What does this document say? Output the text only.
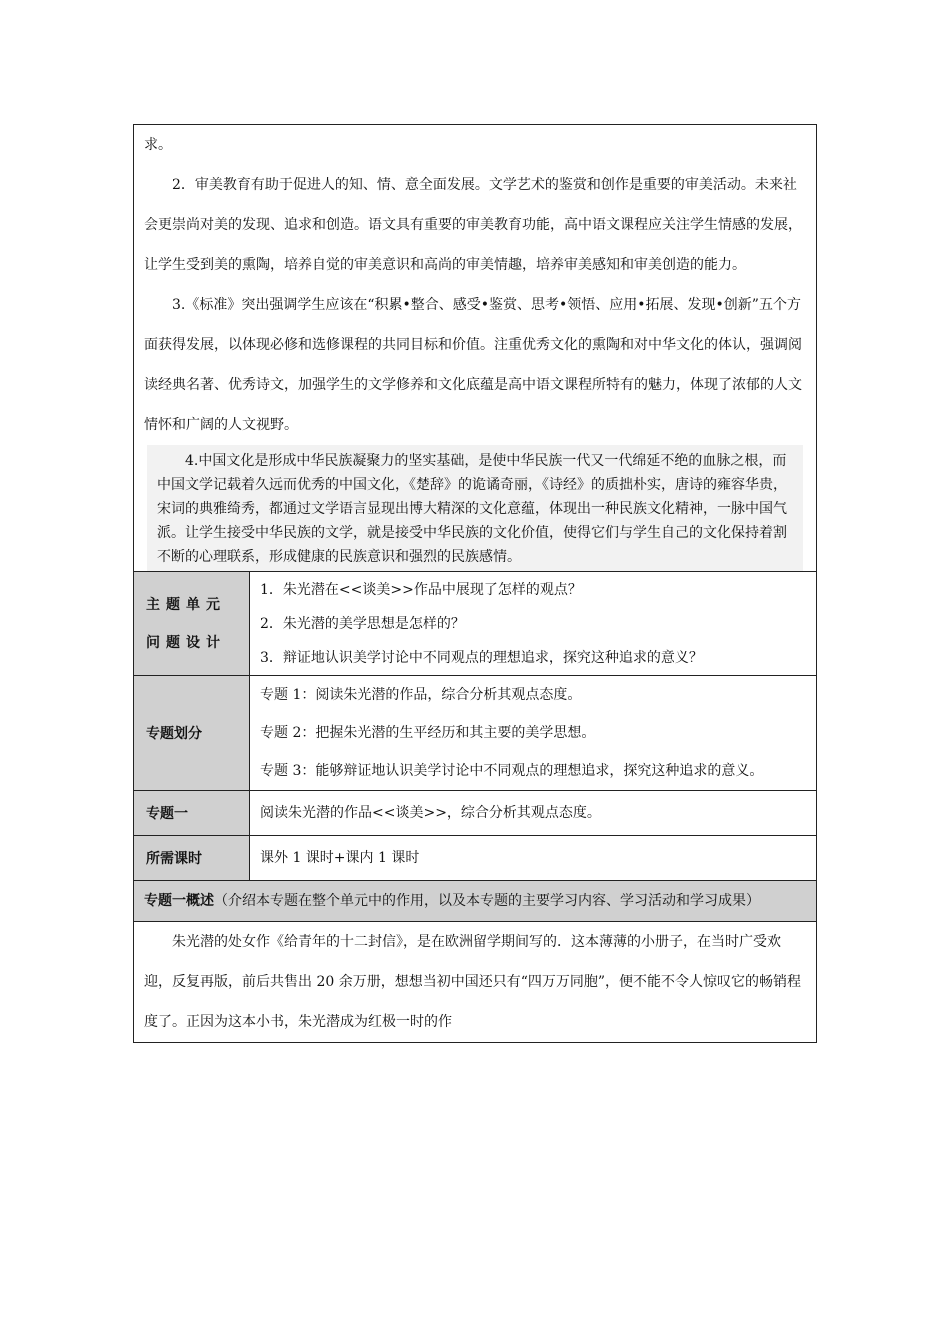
求。

2．审美教育有助于促进人的知、情、意全面发展。文学艺术的鉴赏和创作是重要的审美活动。未来社会更崇尚对美的发现、追求和创造。语文具有重要的审美教育功能，高中语文课程应关注学生情感的发展，让学生受到美的熏陶，培养自觉的审美意识和高尚的审美情趣，培养审美感知和审美创造的能力。

3.《标准》突出强调学生应该在“积累•整合、感受•鉴赏、思考•领悟、应用•拓展、发现•创新”五个方面获得发展，以体现必修和选修课程的共同目标和价值。注重优秀文化的熏陶和对中华文化的体认，强调阅读经典名著、优秀诗文，加强学生的文学修养和文化底蕴是高中语文课程所特有的魅力，体现了浓郁的人文情怀和广阔的人文视野。

4.中国文化是形成中华民族凝聚力的坚实基础，是使中华民族一代又一代绵延不绝的血脉之根，而中国文学记载着久远而优秀的中国文化，《楚辞》的诡谲奇丽，《诗经》的质拙朴实，唐诗的雍容华贵，宋词的典雅绮秀，都通过文学语言显现出博大精深的文化意蕴，体现出一种民族文化精神，一脉中国气派。让学生接受中华民族的文学，就是接受中华民族的文化价值，使得它们与学生自己的文化保持着割不断的心理联系，形成健康的民族意识和强烈的民族感情。
主题单元问题设计

1．朱光潜在<<谈美>>作品中展现了怎样的观点？

2．朱光潜的美学思想是怎样的？

3．辩证地认识美学讨论中不同观点的理想追求，探究这种追求的意义？

专题划分

专题 1：阅读朱光潜的作品，综合分析其观点态度。

专题 2：把握朱光潜的生平经历和其主要的美学思想。

专题 3：能够辩证地认识美学讨论中不同观点的理想追求，探究这种追求的意义。

专题一	阅读朱光潜的作品<<谈美>>，综合分析其观点态度。
所需课时	课外 1 课时+课内 1 课时
专题一概述（介绍本专题在整个单元中的作用，以及本专题的主要学习内容、学习活动和学习成果）

朱光潜的处女作《给青年的十二封信》，是在欧洲留学期间写的．这本薄薄的小册子，在当时广受欢迎，反复再版，前后共售出 20 余万册，想想当初中国还只有“四万万同胞”，便不能不令人惊叹它的畅销程度了。正因为这本小书，朱光潜成为红极一时的作
